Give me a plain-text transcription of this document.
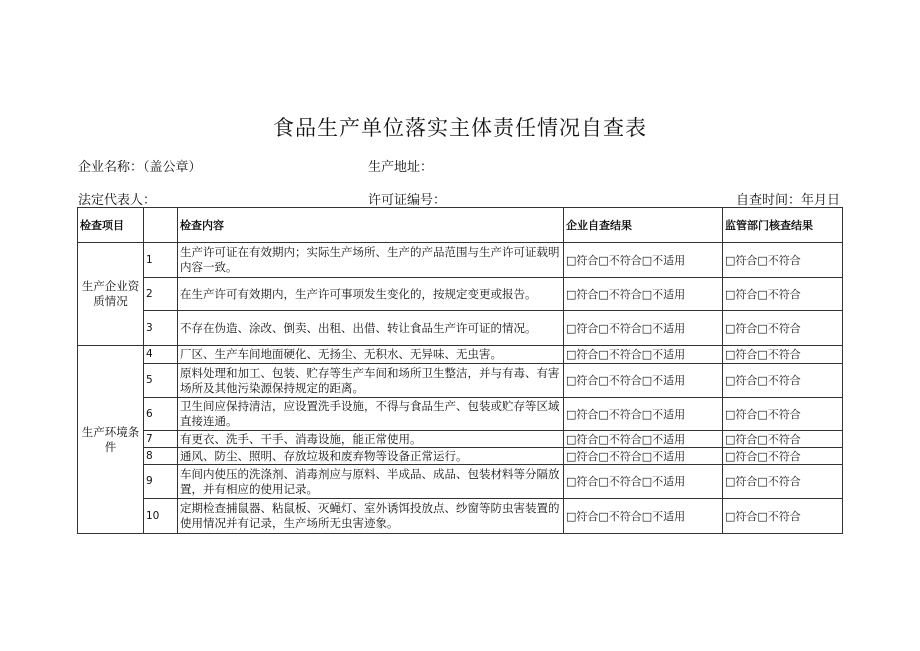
食品生产单位落实主体责任情况自查表
企业名称：（盖公章）	生产地址：
法定代表人：	许可证编号：	自查时间：年月日
检查项目		检查内容	企业自查结果	监管部门核查结果
生产企业资质情况	1	生产许可证在有效期内；实际生产场所、生产的产品范围与生产许可证载明内容一致。	□符合□不符合□不适用	□符合□不符合
	2	在生产许可有效期内，生产许可事项发生变化的，按规定变更或报告。	□符合□不符合□不适用	□符合□不符合
	3	不存在伪造、涂改、倒卖、出租、出借、转让食品生产许可证的情况。	□符合□不符合□不适用	□符合□不符合
生产环境条件	4	厂区、生产车间地面硬化、无扬尘、无积水、无异味、无虫害。	□符合□不符合□不适用	□符合□不符合
	5	原料处理和加工、包装、贮存等生产车间和场所卫生整洁，并与有毒、有害场所及其他污染源保持规定的距离。	□符合□不符合□不适用	□符合□不符合
	6	卫生间应保持清洁，应设置洗手设施，不得与食品生产、包装或贮存等区域直接连通。	□符合□不符合□不适用	□符合□不符合
	7	有更衣、洗手、干手、消毒设施，能正常使用。	□符合□不符合□不适用	□符合□不符合
	8	通风、防尘、照明、存放垃圾和废弃物等设备正常运行。	□符合□不符合□不适用	□符合□不符合
	9	车间内使压的洗涤剂、消毒剂应与原料、半成品、成品、包装材料等分隔放置，并有相应的使用记录。	□符合□不符合□不适用	□符合□不符合
	10	定期检查捕鼠器、粘鼠板、灭蝇灯、室外诱饵投放点、纱窗等防虫害装置的使用情况并有记录，生产场所无虫害迹象。	□符合□不符合□不适用	□符合□不符合
